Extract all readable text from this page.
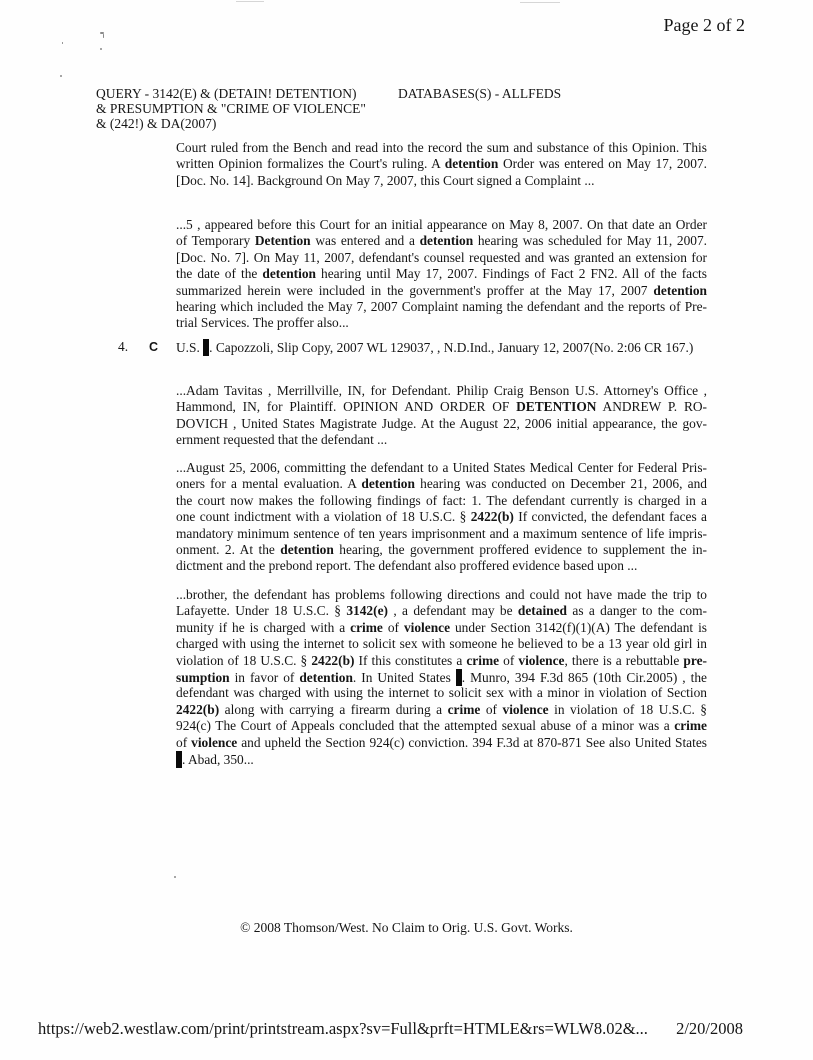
Page 2 of 2
QUERY - 3142(E) & (DETAIN! DETENTION)
& PRESUMPTION & "CRIME OF VIOLENCE"
& (242!) & DA(2007)
DATABASES(S) - ALLFEDS
Court ruled from the Bench and read into the record the sum and substance of this Opinion. This
written Opinion formalizes the Court's ruling. A detention Order was entered on May 17, 2007.
[Doc. No. 14]. Background On May 7, 2007, this Court signed a Complaint ...
...5 , appeared before this Court for an initial appearance on May 8, 2007. On that date an Order
of Temporary Detention was entered and a detention hearing was scheduled for May 11, 2007.
[Doc. No. 7]. On May 11, 2007, defendant's counsel requested and was granted an extension for
the date of the detention hearing until May 17, 2007. Findings of Fact 2 FN2. All of the facts
summarized herein were included in the government's proffer at the May 17, 2007 detention
hearing which included the May 7, 2007 Complaint naming the defendant and the reports of Pre-
trial Services. The proffer also...
4. C U.S. . Capozzoli, Slip Copy, 2007 WL 129037, , N.D.Ind., January 12, 2007(No. 2:06 CR 167.)
...Adam Tavitas , Merrillville, IN, for Defendant. Philip Craig Benson U.S. Attorney's Office ,
Hammond, IN, for Plaintiff. OPINION AND ORDER OF DETENTION ANDREW P. RO-
DOVICH , United States Magistrate Judge. At the August 22, 2006 initial appearance, the gov-
ernment requested that the defendant ...
...August 25, 2006, committing the defendant to a United States Medical Center for Federal Pris-
oners for a mental evaluation. A detention hearing was conducted on December 21, 2006, and
the court now makes the following findings of fact: 1. The defendant currently is charged in a
one count indictment with a violation of 18 U.S.C. § 2422(b) If convicted, the defendant faces a
mandatory minimum sentence of ten years imprisonment and a maximum sentence of life impris-
onment. 2. At the detention hearing, the government proffered evidence to supplement the in-
dictment and the prebond report. The defendant also proffered evidence based upon ...
...brother, the defendant has problems following directions and could not have made the trip to
Lafayette. Under 18 U.S.C. § 3142(e) , a defendant may be detained as a danger to the com-
munity if he is charged with a crime of violence under Section 3142(f)(1)(A) The defendant is
charged with using the internet to solicit sex with someone he believed to be a 13 year old girl in
violation of 18 U.S.C. § 2422(b) If this constitutes a crime of violence, there is a rebuttable pre-
sumption in favor of detention. In United States . Munro, 394 F.3d 865 (10th Cir.2005) , the
defendant was charged with using the internet to solicit sex with a minor in violation of Section
2422(b) along with carrying a firearm during a crime of violence in violation of 18 U.S.C. §
924(c) The Court of Appeals concluded that the attempted sexual abuse of a minor was a crime
of violence and upheld the Section 924(c) conviction. 394 F.3d at 870-871 See also United States
. Abad, 350...
© 2008 Thomson/West. No Claim to Orig. U.S. Govt. Works.
https://web2.westlaw.com/print/printstream.aspx?sv=Full&prft=HTMLE&rs=WLW8.02&... 2/20/2008
